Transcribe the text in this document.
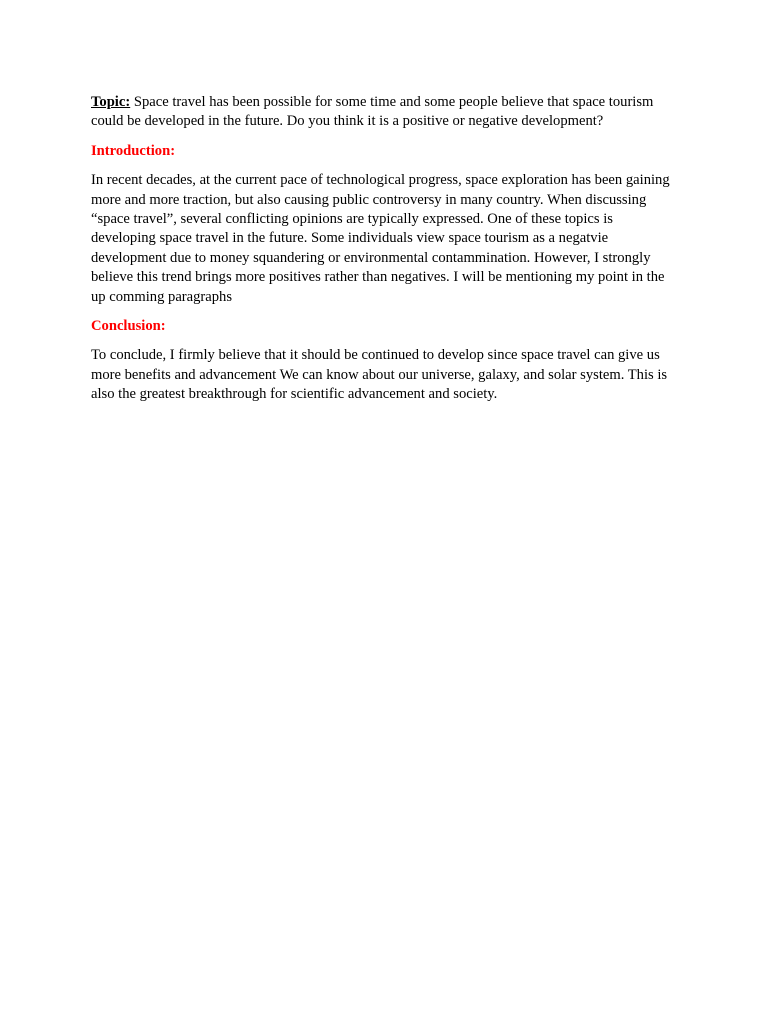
Topic: Space travel has been possible for some time and some people believe that space tourism could be developed in the future. Do you think it is a positive or negative development?

Introduction:

In recent decades, at the current pace of technological progress, space exploration has been gaining more and more traction, but also causing public controversy in many country. When discussing “space travel”, several conflicting opinions are typically expressed. One of these topics is developing space travel in the future. Some individuals view space tourism as a negatvie development due to money squandering or environmental contammination. However, I strongly believe this trend brings more positives rather than negatives. I will be mentioning my point in the up comming paragraphs

Conclusion:

To conclude, I firmly believe that it should be continued to develop since space travel can give us more benefits and advancement We can know about our universe, galaxy, and solar system. This is also the greatest breakthrough for scientific advancement and society.
